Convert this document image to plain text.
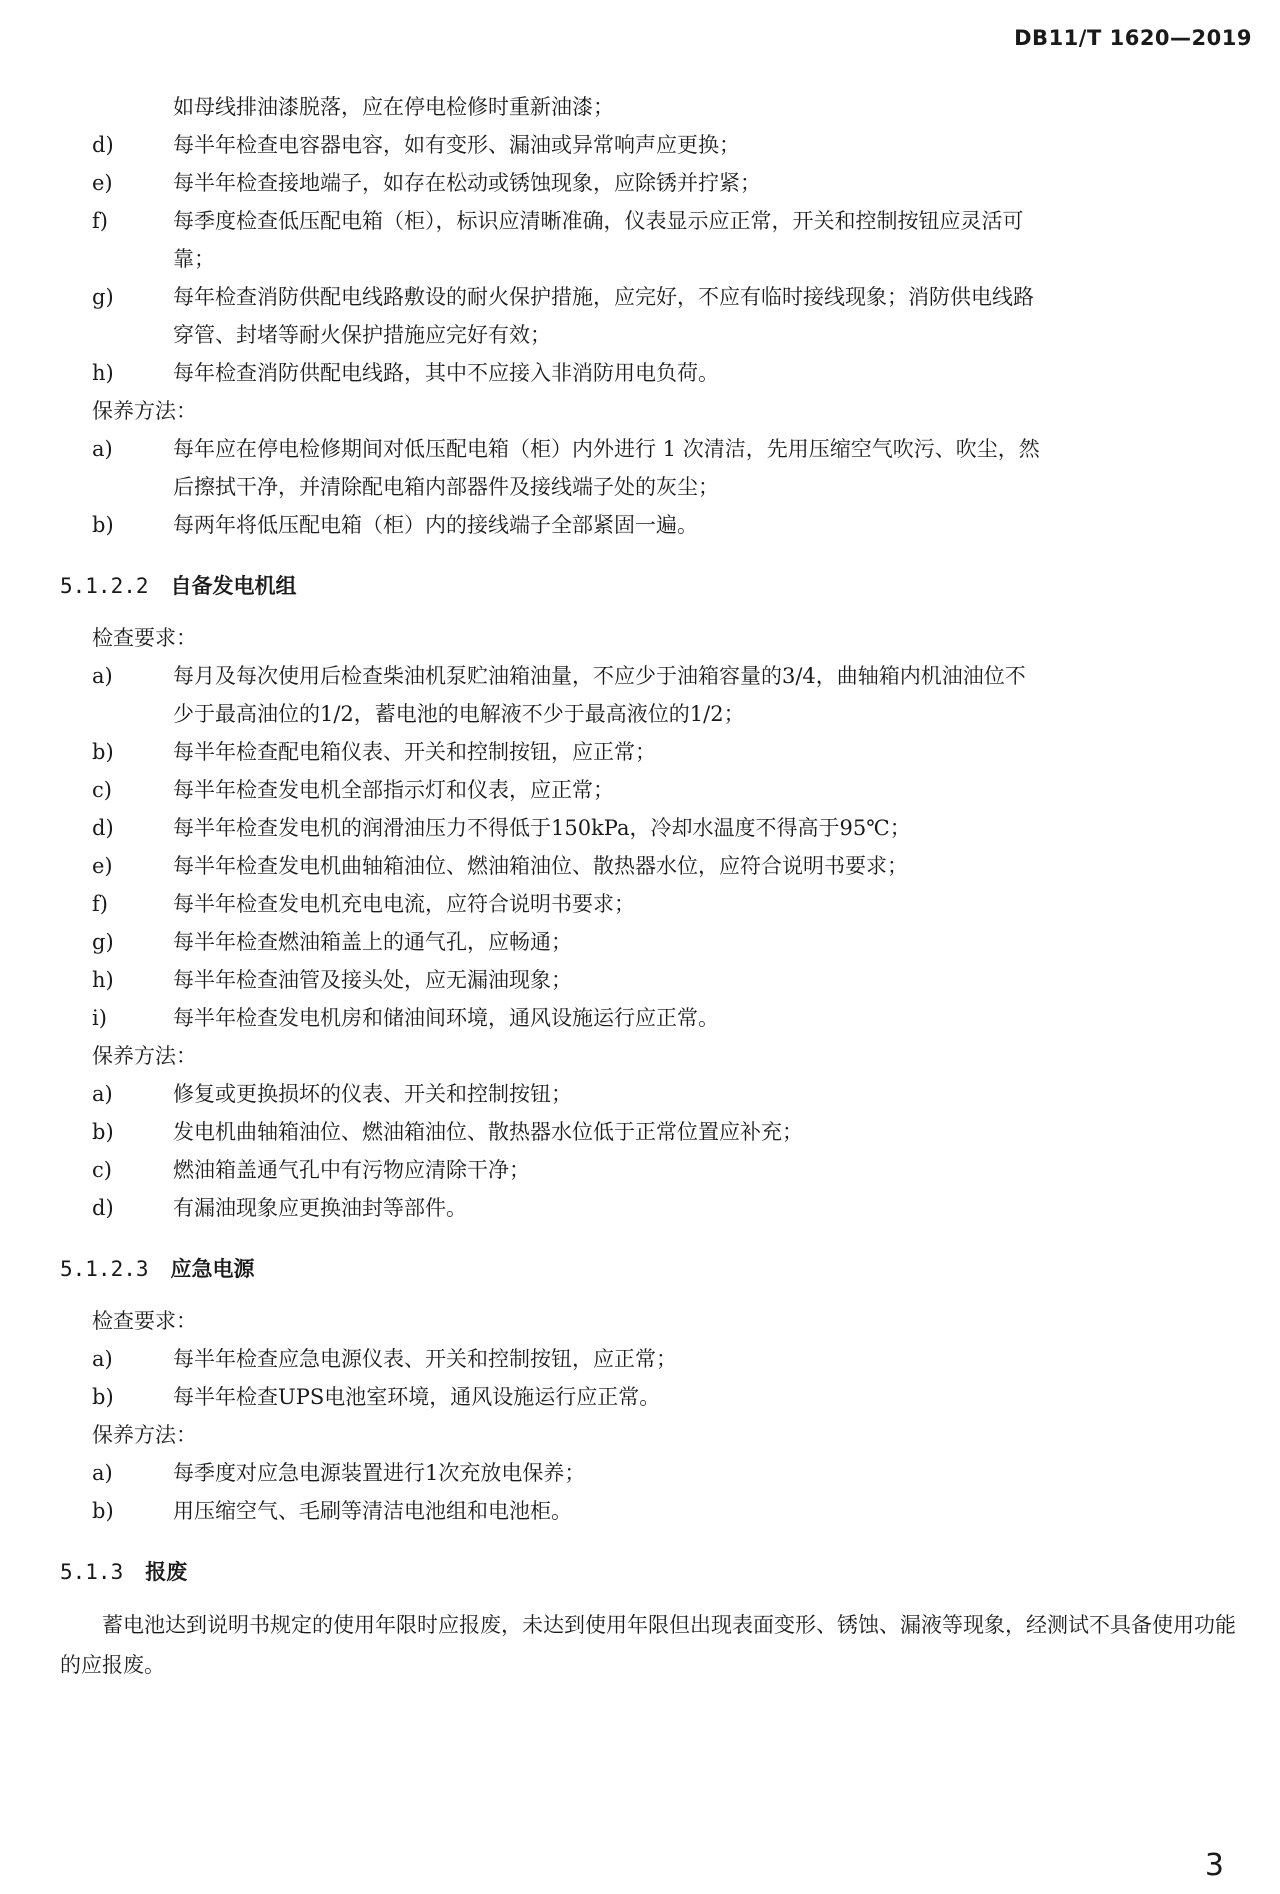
DB11/T 1620—2019
如母线排油漆脱落，应在停电检修时重新油漆；
d)	每半年检查电容器电容，如有变形、漏油或异常响声应更换；
e)	每半年检查接地端子，如存在松动或锈蚀现象，应除锈并拧紧；
f)	每季度检查低压配电箱（柜），标识应清晰准确，仪表显示应正常，开关和控制按钮应灵活可
靠；
g)	每年检查消防供配电线路敷设的耐火保护措施，应完好，不应有临时接线现象；消防供电线路
穿管、封堵等耐火保护措施应完好有效；
h)	每年检查消防供配电线路，其中不应接入非消防用电负荷。
保养方法：
a)	每年应在停电检修期间对低压配电箱（柜）内外进行 1 次清洁，先用压缩空气吹污、吹尘，然
后擦拭干净，并清除配电箱内部器件及接线端子处的灰尘；
b)	每两年将低压配电箱（柜）内的接线端子全部紧固一遍。
5.1.2.2 自备发电机组
检查要求：
a)	每月及每次使用后检查柴油机泵贮油箱油量，不应少于油箱容量的3/4，曲轴箱内机油油位不
少于最高油位的1/2，蓄电池的电解液不少于最高液位的1/2；
b)	每半年检查配电箱仪表、开关和控制按钮，应正常；
c)	每半年检查发电机全部指示灯和仪表，应正常；
d)	每半年检查发电机的润滑油压力不得低于150kPa，冷却水温度不得高于95℃；
e)	每半年检查发电机曲轴箱油位、燃油箱油位、散热器水位，应符合说明书要求；
f)	每半年检查发电机充电电流，应符合说明书要求；
g)	每半年检查燃油箱盖上的通气孔，应畅通；
h)	每半年检查油管及接头处，应无漏油现象；
i)	每半年检查发电机房和储油间环境，通风设施运行应正常。
保养方法：
a)	修复或更换损坏的仪表、开关和控制按钮；
b)	发电机曲轴箱油位、燃油箱油位、散热器水位低于正常位置应补充；
c)	燃油箱盖通气孔中有污物应清除干净；
d)	有漏油现象应更换油封等部件。
5.1.2.3 应急电源
检查要求：
a)	每半年检查应急电源仪表、开关和控制按钮，应正常；
b)	每半年检查UPS电池室环境，通风设施运行应正常。
保养方法：
a)	每季度对应急电源装置进行1次充放电保养；
b)	用压缩空气、毛刷等清洁电池组和电池柜。
5.1.3 报废
蓄电池达到说明书规定的使用年限时应报废，未达到使用年限但出现表面变形、锈蚀、漏液等现象，经测试不具备使用功能的应报废。
3
